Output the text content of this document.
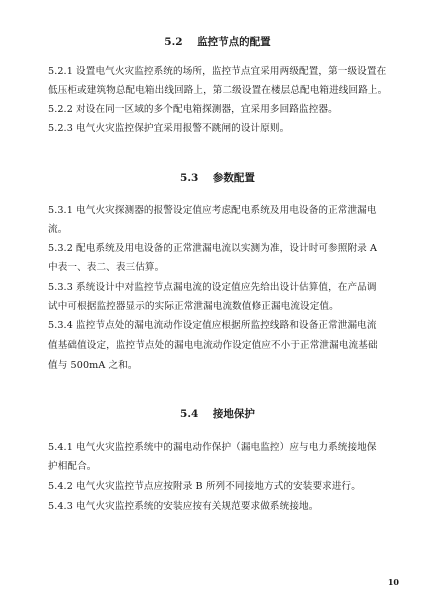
5.2    监控节点的配置
5.2.1 设置电气火灾监控系统的场所，监控节点宜采用两级配置，第一级设置在
低压柜或建筑物总配电箱出线回路上，第二级设置在楼层总配电箱进线回路上。
5.2.2 对设在同一区域的多个配电箱探测器，宜采用多回路监控器。
5.2.3 电气火灾监控保护宜采用报警不跳闸的设计原则。
5.3    参数配置
5.3.1 电气火灾探测器的报警设定值应考虑配电系统及用电设备的正常泄漏电
流。
5.3.2 配电系统及用电设备的正常泄漏电流以实测为准，设计时可参照附录 A
中表一、表二、表三估算。
5.3.3 系统设计中对监控节点漏电流的设定值应先给出设计估算值，在产品调
试中可根据监控器显示的实际正常泄漏电流数值修正漏电流设定值。
5.3.4 监控节点处的漏电流动作设定值应根据所监控线路和设备正常泄漏电流
值基础值设定，监控节点处的漏电电流动作设定值应不小于正常泄漏电流基础
值与 500mA 之和。
5.4    接地保护
5.4.1 电气火灾监控系统中的漏电动作保护（漏电监控）应与电力系统接地保
护相配合。
5.4.2 电气火灾监控节点应按附录 B 所列不同接地方式的安装要求进行。
5.4.3 电气火灾监控系统的安装应按有关规范要求做系统接地。
10
